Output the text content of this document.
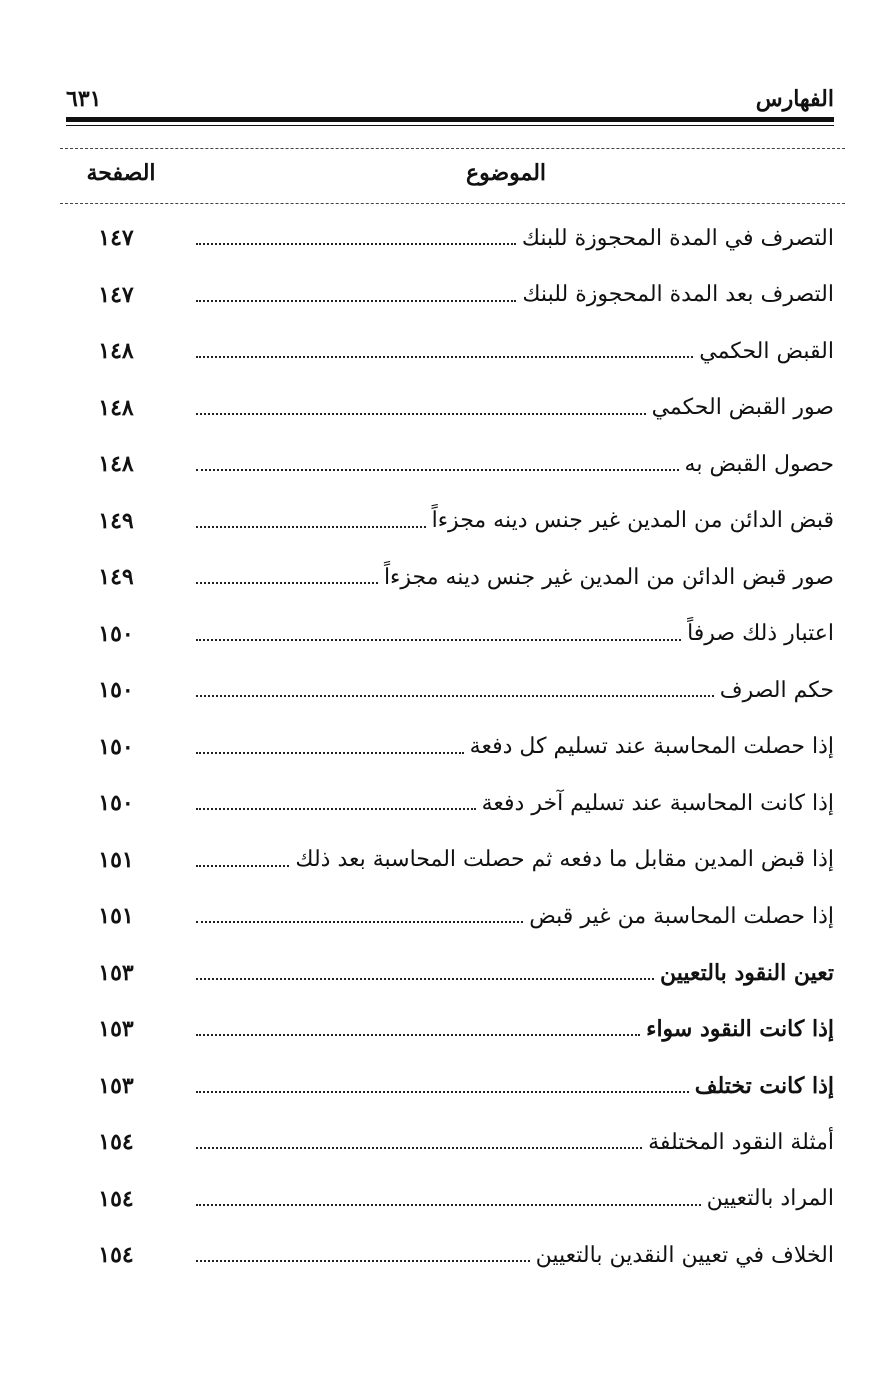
الفهارس
٦٣١
الموضوع
الصفحة
التصرف في المدة المحجوزة للبنك
١٤٧
التصرف بعد المدة المحجوزة للبنك
١٤٧
القبض الحكمي
١٤٨
صور القبض الحكمي
١٤٨
حصول القبض به
١٤٨
قبض الدائن من المدين غير جنس دينه مجزءاً
١٤٩
صور قبض الدائن من المدين غير جنس دينه مجزءاً
١٤٩
اعتبار ذلك صرفاً
١٥٠
حكم الصرف
١٥٠
إذا حصلت المحاسبة عند تسليم كل دفعة
١٥٠
إذا كانت المحاسبة عند تسليم آخر دفعة
١٥٠
إذا قبض المدين مقابل ما دفعه ثم حصلت المحاسبة بعد ذلك
١٥١
إذا حصلت المحاسبة من غير قبض
١٥١
تعين النقود بالتعيين
١٥٣
إذا كانت النقود سواء
١٥٣
إذا كانت تختلف
١٥٣
أمثلة النقود المختلفة
١٥٤
المراد بالتعيين
١٥٤
الخلاف في تعيين النقدين بالتعيين
١٥٤
